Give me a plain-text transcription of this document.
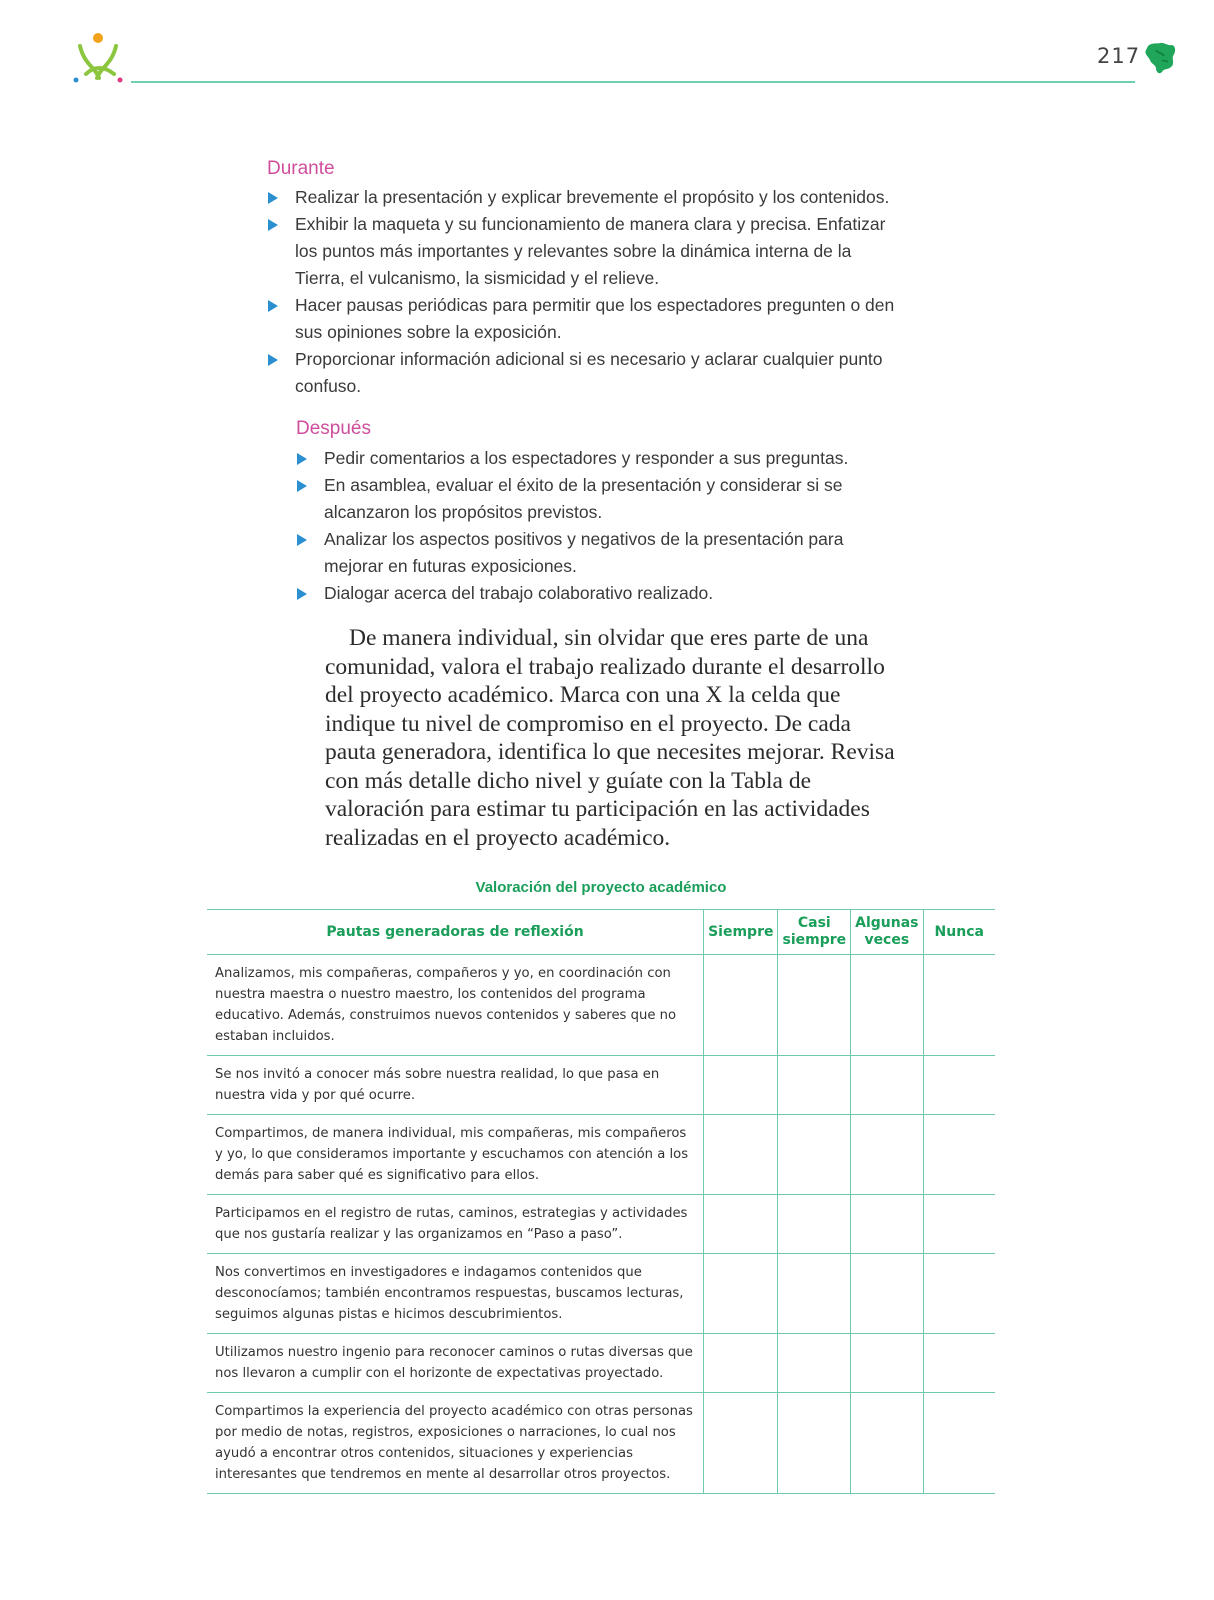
217
Durante
Realizar la presentación y explicar brevemente el propósito y los contenidos.
Exhibir la maqueta y su funcionamiento de manera clara y precisa. Enfatizar los puntos más importantes y relevantes sobre la dinámica interna de la Tierra, el vulcanismo, la sismicidad y el relieve.
Hacer pausas periódicas para permitir que los espectadores pregunten o den sus opiniones sobre la exposición.
Proporcionar información adicional si es necesario y aclarar cualquier punto confuso.
Después
Pedir comentarios a los espectadores y responder a sus preguntas.
En asamblea, evaluar el éxito de la presentación y considerar si se alcanzaron los propósitos previstos.
Analizar los aspectos positivos y negativos de la presentación para mejorar en futuras exposiciones.
Dialogar acerca del trabajo colaborativo realizado.

De manera individual, sin olvidar que eres parte de una comunidad, valora el trabajo realizado durante el desarrollo del proyecto académico. Marca con una X la celda que indique tu nivel de compromiso en el proyecto. De cada pauta generadora, identifica lo que necesites mejorar. Revisa con más detalle dicho nivel y guíate con la Tabla de valoración para estimar tu participación en las actividades realizadas en el proyecto académico.

Valoración del proyecto académico
Pautas generadoras de reflexión	Siempre	Casi siempre	Algunas veces	Nunca
Analizamos, mis compañeras, compañeros y yo, en coordinación con nuestra maestra o nuestro maestro, los contenidos del programa educativo. Además, construimos nuevos contenidos y saberes que no estaban incluidos.				
Se nos invitó a conocer más sobre nuestra realidad, lo que pasa en nuestra vida y por qué ocurre.				
Compartimos, de manera individual, mis compañeras, mis compañeros y yo, lo que consideramos importante y escuchamos con atención a los demás para saber qué es significativo para ellos.				
Participamos en el registro de rutas, caminos, estrategias y actividades que nos gustaría realizar y las organizamos en “Paso a paso”.				
Nos convertimos en investigadores e indagamos contenidos que desconocíamos; también encontramos respuestas, buscamos lecturas, seguimos algunas pistas e hicimos descubrimientos.				
Utilizamos nuestro ingenio para reconocer caminos o rutas diversas que nos llevaron a cumplir con el horizonte de expectativas proyectado.				
Compartimos la experiencia del proyecto académico con otras personas por medio de notas, registros, exposiciones o narraciones, lo cual nos ayudó a encontrar otros contenidos, situaciones y experiencias interesantes que tendremos en mente al desarrollar otros proyectos.				
